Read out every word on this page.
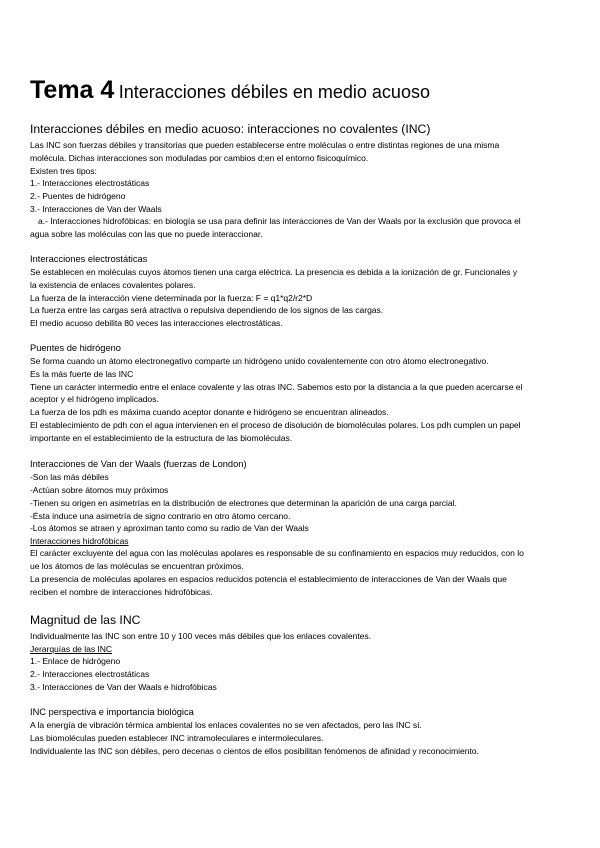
Tema 4 Interacciones débiles en medio acuoso
Interacciones débiles en medio acuoso: interacciones no covalentes (INC)
Las INC son fuerzas débiles y transitorias que pueden establecerse entre moléculas o entre distintas regiones de una misma
molécula. Dichas interacciones son moduladas por cambios d;en el entorno fisicoquímico.
Existen tres tipos:
1.- Interacciones electrostáticas
2.- Puentes de hidrógeno
3.- Interacciones de Van der Waals
a.- Interacciones hidrofóbicas: en biología se usa para definir las interacciones de Van der Waals por la exclusión que provoca el
agua sobre las moléculas con las que no puede interaccionar.
Interacciones electrostáticas
Se establecen en moléculas cuyos átomos tienen una carga eléctrica. La presencia es debida a la ionización de gr. Funcionales y
la existencia de enlaces covalentes polares.
La fuerza de la interacción viene determinada por la fuerza: F = q1*q2/r2*D
La fuerza entre las cargas será atractiva o repulsiva dependiendo de los signos de las cargas.
El medio acuoso debilita 80 veces las interacciones electrostáticas.
Puentes de hidrógeno
Se forma cuando un átomo electronegativo comparte un hidrógeno unido covalentemente con otro átomo electronegativo.
Es la más fuerte de las INC
Tiene un carácter intermedio entre el enlace covalente y las otras INC. Sabemos esto por la distancia a la que pueden acercarse el
aceptor y el hidrógeno implicados.
La fuerza de los pdh es máxima cuando aceptor donante e hidrógeno se encuentran alineados.
El establecimiento de pdh con el agua intervienen en el proceso de disolución de biomoléculas polares. Los pdh cumplen un papel
importante en el establecimiento de la estructura de las biomoléculas.
Interacciones de Van der Waals (fuerzas de London)
-Son las más débiles
-Actúan sobre átomos muy próximos
-Tienen su origen en asimetrías en la distribución de electrones que determinan la aparición de una carga parcial.
-Ésta induce una asimetría de signo contrario en otro átomo cercano.
-Los átomos se atraen y aproximan tanto como su radio de Van der Waals
Interacciones hidrofóbicas
El carácter excluyente del agua con las moléculas apolares es responsable de su confinamiento en espacios muy reducidos, con lo
ue los átomos de las moléculas se encuentran próximos.
La presencia de moléculas apolares en espacios reducidos potencia el establecimiento de interacciones de Van der Waals que
reciben el nombre de interacciones hidrofóbicas.
Magnitud de las INC
Individualmente las INC son entre 10 y 100 veces más débiles que los enlaces covalentes.
Jerarquías de las INC
1.- Enlace de hidrógeno
2.- Interacciones electrostáticas
3.- Interacciones de Van der Waals e hidrofóbicas
INC perspectiva e importancia biológica
A la energía de vibración térmica ambiental los enlaces covalentes no se ven afectados, pero las INC sí.
Las biomoléculas pueden establecer INC intramoleculares e intermoleculares.
Individualente las INC son débiles, pero decenas o cientos de ellos posibilitan fenómenos de afinidad y reconocimiento.
